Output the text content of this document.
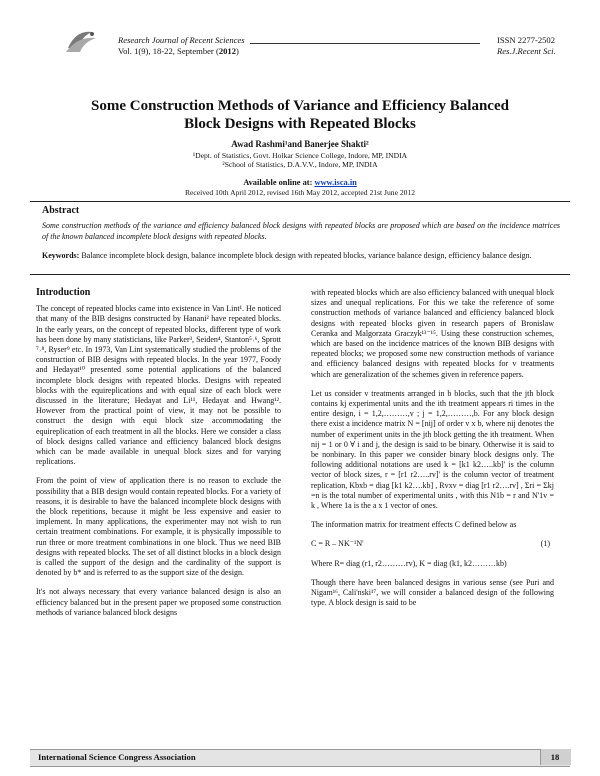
Research Journal of Recent Sciences
Vol. 1(9), 18-22, September (2012)
ISSN 2277-2502
Res.J.Recent Sci.
Some Construction Methods of Variance and Efficiency Balanced
Block Designs with Repeated Blocks
Awad Rashmi¹and Banerjee Shakti²
¹Dept. of Statistics, Govt. Holkar Science College, Indore, MP, INDIA
²School of Statistics, D.A.V.V., Indore, MP, INDIA
Available online at: www.isca.in
Received 10th April 2012, revised 16th May 2012, accepted 21st June 2012
Abstract
Some construction methods of the variance and efficiency balanced block designs with repeated blocks are proposed which are based on the incidence matrices of the known balanced incomplete block designs with repeated blocks.
Keywords: Balance incomplete block design, balance incomplete block design with repeated blocks, variance balance design, efficiency balance design.
Introduction

The concept of repeated blocks came into existence in Van Lint¹. He noticed that many of the BIB designs constructed by Hanani² have repeated blocks. In the early years, on the concept of repeated blocks, different type of work has been done by many statisticians, like Parker³, Seiden⁴, Stanton⁵˒⁶, Sprott ⁷˒⁸, Ryser⁹ etc. In 1973, Van Lint systematically studied the problems of the construction of BIB designs with repeated blocks. In the year 1977, Foody and Hedayat¹⁰ presented some potential applications of the balanced incomplete block designs with repeated blocks. Designs with repeated blocks with the equireplications and with equal size of each block were discussed in the literature; Hedayat and Li¹¹, Hedayat and Hwang¹². However from the practical point of view, it may not be possible to construct the design with equi block size accommodating the equireplication of each treatment in all the blocks. Here we consider a class of block designs called variance and efficiency balanced block designs which can be made available in unequal block sizes and for varying replications.

From the point of view of application there is no reason to exclude the possibility that a BIB design would contain repeated blocks. For a variety of reasons, it is desirable to have the balanced incomplete block designs with the block repetitions, because it might be less expensive and easier to implement. In many applications, the experimenter may not wish to run certain treatment combinations. For example, it is physically impossible to run three or more treatment combinations in one block. Thus we need BIB designs with repeated blocks. The set of all distinct blocks in a block design is called the support of the design and the cardinality of the support is denoted by b* and is referred to as the support size of the design.

It's not always necessary that every variance balanced design is also an efficiency balanced but in the present paper we proposed some construction methods of variance balanced block designs

with repeated blocks which are also efficiency balanced with unequal block sizes and unequal replications. For this we take the reference of some construction methods of variance balanced and efficiency balanced block designs with repeated blocks given in research papers of Bronislaw Ceranka and Malgorzata Graczyk¹³⁻¹⁵. Using these construction schemes, which are based on the incidence matrices of the known BIB designs with repeated blocks; we proposed some new construction methods of variance and efficiency balanced designs with repeated blocks for v treatments which are generalization of the schemes given in reference papers.

Let us consider v treatments arranged in b blocks, such that the jth block contains kj experimental units and the ith treatment appears ri times in the entire design, i = 1,2,………,v ; j = 1,2,………,b. For any block design there exist a incidence matrix N = [nij] of order v x b, where nij denotes the number of experiment units in the jth block getting the ith treatment. When nij = 1 or 0 ∀ i and j, the design is said to be binary. Otherwise it is said to be nonbinary. In this paper we consider binary block designs only. The following additional notations are used k = [k1 k2…..kb]' is the column vector of block sizes, r = [r1 r2…..rv]' is the column vector of treatment replication, Kbxb = diag [k1 k2….kb] , Rvxv = diag [r1 r2….rv] , Σri = Σkj =n is the total number of experimental units , with this N1b = r and N'1v = k , Where 1a is the a x 1 vector of ones.

The information matrix for treatment effects C defined below as

C = R – NK⁻¹N'	(1)

Where R= diag (r1, r2………rv), K = diag (k1, k2………kb)

Though there have been balanced designs in various sense (see Puri and Nigam¹⁶, Cali'nski¹⁷, we will consider a balanced design of the following type. A block design is said to be

International Science Congress Association	18
